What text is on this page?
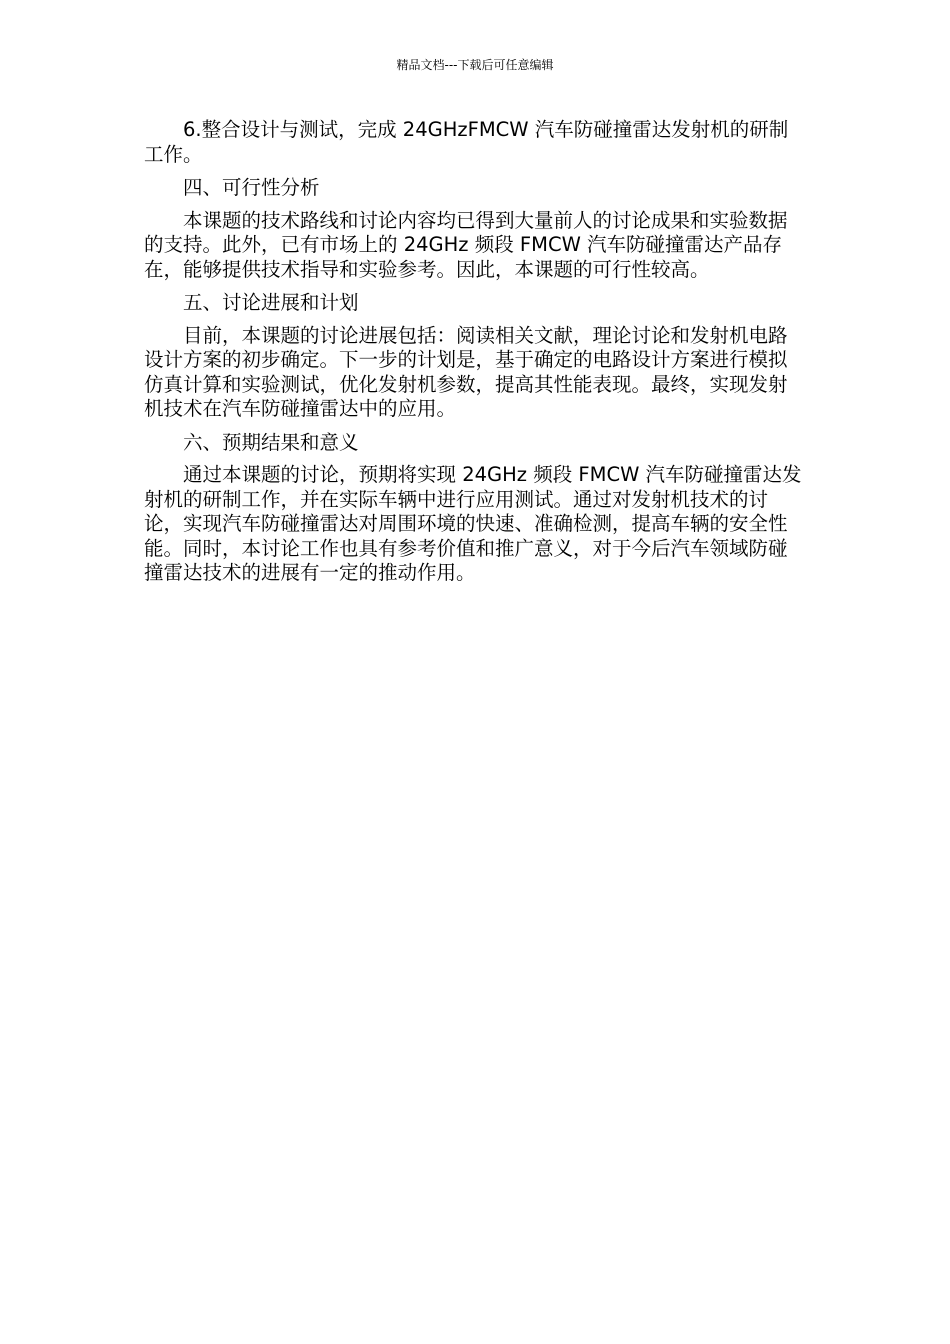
精品文档---下载后可任意编辑

6.整合设计与测试，完成 24GHzFMCW 汽车防碰撞雷达发射机的研制工作。

四、可行性分析

本课题的技术路线和讨论内容均已得到大量前人的讨论成果和实验数据的支持。此外，已有市场上的 24GHz 频段 FMCW 汽车防碰撞雷达产品存在，能够提供技术指导和实验参考。因此，本课题的可行性较高。

五、讨论进展和计划

目前，本课题的讨论进展包括：阅读相关文献，理论讨论和发射机电路设计方案的初步确定。下一步的计划是，基于确定的电路设计方案进行模拟仿真计算和实验测试，优化发射机参数，提高其性能表现。最终，实现发射机技术在汽车防碰撞雷达中的应用。

六、预期结果和意义

通过本课题的讨论，预期将实现 24GHz 频段 FMCW 汽车防碰撞雷达发射机的研制工作，并在实际车辆中进行应用测试。通过对发射机技术的讨论，实现汽车防碰撞雷达对周围环境的快速、准确检测，提高车辆的安全性能。同时，本讨论工作也具有参考价值和推广意义，对于今后汽车领域防碰撞雷达技术的进展有一定的推动作用。
